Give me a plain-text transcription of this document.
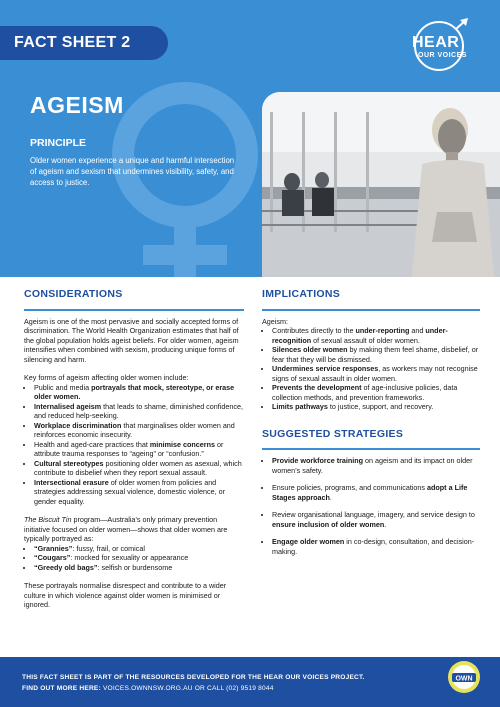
FACT SHEET 2	HEAR
OUR VOICES
AGEISM
PRINCIPLE
Older women experience a unique and harmful intersection of ageism and sexism that undermines visibility, safety, and access to justice.
CONSIDERATIONS

Ageism is one of the most pervasive and socially accepted forms of discrimination. The World Health Organization estimates that half of the global population holds ageist beliefs. For older women, ageism intensifies when combined with sexism, producing unique forms of silencing and harm.

Key forms of ageism affecting older women include:
• Public and media portrayals that mock, stereotype, or erase older women.
• Internalised ageism that leads to shame, diminished confidence, and reduced help-seeking.
• Workplace discrimination that marginalises older women and reinforces economic insecurity.
• Health and aged-care practices that minimise concerns or attribute trauma responses to “ageing” or “confusion.”
• Cultural stereotypes positioning older women as asexual, which contribute to disbelief when they report sexual assault.
• Intersectional erasure of older women from policies and strategies addressing sexual violence, domestic violence, or gender equality.
The Biscuit Tin program—Australia’s only primary prevention initiative focused on older women—shows that older women are typically portrayed as:
• “Grannies”: fussy, frail, or comical
• “Cougars”: mocked for sexuality or appearance
• “Greedy old bags”: selfish or burdensome

These portrayals normalise disrespect and contribute to a wider culture in which violence against older women is minimised or ignored.

IMPLICATIONS
Ageism:
• Contributes directly to the under-reporting and under-recognition of sexual assault of older women.
• Silences older women by making them feel shame, disbelief, or fear that they will be dismissed.
• Undermines service responses, as workers may not recognise signs of sexual assault in older women.
• Prevents the development of age-inclusive policies, data collection methods, and prevention frameworks.
• Limits pathways to justice, support, and recovery.
SUGGESTED STRATEGIES
• Provide workforce training on ageism and its impact on older women’s safety.
• Ensure policies, programs, and communications adopt a Life Stages approach.
• Review organisational language, imagery, and service design to ensure inclusion of older women.
• Engage older women in co-design, consultation, and decision-making.
THIS FACT SHEET IS PART OF THE RESOURCES DEVELOPED FOR THE HEAR OUR VOICES PROJECT.
FIND OUT MORE HERE: VOICES.OWNNSW.ORG.AU OR CALL (02) 9519 8044
OWN
